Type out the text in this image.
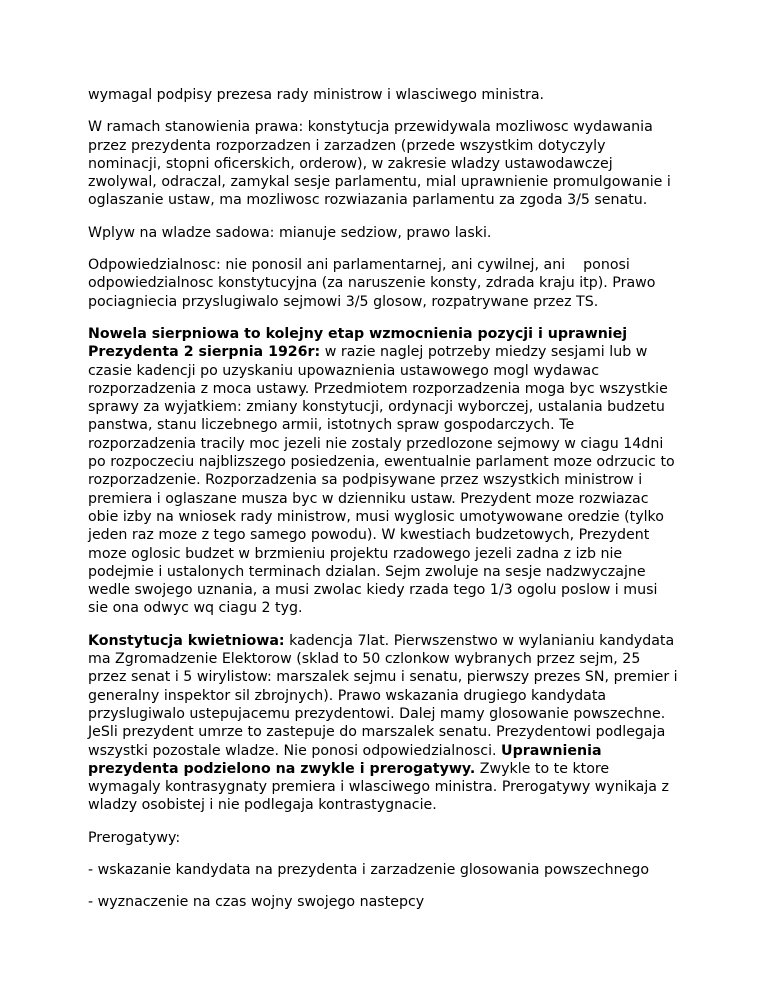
wymagal podpisy prezesa rady ministrow i wlasciwego ministra.

W ramach stanowienia prawa: konstytucja przewidywala mozliwosc wydawania przez prezydenta rozporzadzen i zarzadzen (przede wszystkim dotyczyly nominacji, stopni oficerskich, orderow), w zakresie wladzy ustawodawczej zwolywal, odraczal, zamykal sesje parlamentu, mial uprawnienie promulgowanie i oglaszanie ustaw, ma mozliwosc rozwiazania parlamentu za zgoda 3/5 senatu.

Wplyw na wladze sadowa: mianuje sedziow, prawo laski.

Odpowiedzialnosc: nie ponosil ani parlamentarnej, ani cywilnej, ani ponosi odpowiedzialnosc konstytucyjna (za naruszenie konsty, zdrada kraju itp). Prawo pociagniecia przyslugiwalo sejmowi 3/5 glosow, rozpatrywane przez TS.

Nowela sierpniowa to kolejny etap wzmocnienia pozycji i uprawniej Prezydenta 2 sierpnia 1926r: w razie naglej potrzeby miedzy sesjami lub w czasie kadencji po uzyskaniu upowaznienia ustawowego mogl wydawac rozporzadzenia z moca ustawy. Przedmiotem rozporzadzenia moga byc wszystkie sprawy za wyjatkiem: zmiany konstytucji, ordynacji wyborczej, ustalania budzetu panstwa, stanu liczebnego armii, istotnych spraw gospodarczych. Te rozporzadzenia tracily moc jezeli nie zostaly przedlozone sejmowy w ciagu 14dni po rozpoczeciu najblizszego posiedzenia, ewentualnie parlament moze odrzucic to rozporzadzenie. Rozporzadzenia sa podpisywane przez wszystkich ministrow i premiera i oglaszane musza byc w dzienniku ustaw. Prezydent moze rozwiazac obie izby na wniosek rady ministrow, musi wyglosic umotywowane oredzie (tylko jeden raz moze z tego samego powodu). W kwestiach budzetowych, Prezydent moze oglosic budzet w brzmieniu projektu rzadowego jezeli zadna z izb nie podejmie i ustalonych terminach dzialan. Sejm zwoluje na sesje nadzwyczajne wedle swojego uznania, a musi zwolac kiedy rzada tego 1/3 ogolu poslow i musi sie ona odwyc wq ciagu 2 tyg.

Konstytucja kwietniowa: kadencja 7lat. Pierwszenstwo w wylanianiu kandydata ma Zgromadzenie Elektorow (sklad to 50 czlonkow wybranych przez sejm, 25 przez senat i 5 wirylistow: marszalek sejmu i senatu, pierwszy prezes SN, premier i generalny inspektor sil zbrojnych). Prawo wskazania drugiego kandydata przyslugiwalo ustepujacemu prezydentowi. Dalej mamy glosowanie powszechne. JeSli prezydent umrze to zastepuje do marszalek senatu. Prezydentowi podlegaja wszystki pozostale wladze. Nie ponosi odpowiedzialnosci. Uprawnienia prezydenta podzielono na zwykle i prerogatywy. Zwykle to te ktore wymagaly kontrasygnaty premiera i wlasciwego ministra. Prerogatywy wynikaja z wladzy osobistej i nie podlegaja kontrastygnacie.

Prerogatywy:

- wskazanie kandydata na prezydenta i zarzadzenie glosowania powszechnego

- wyznaczenie na czas wojny swojego nastepcy
